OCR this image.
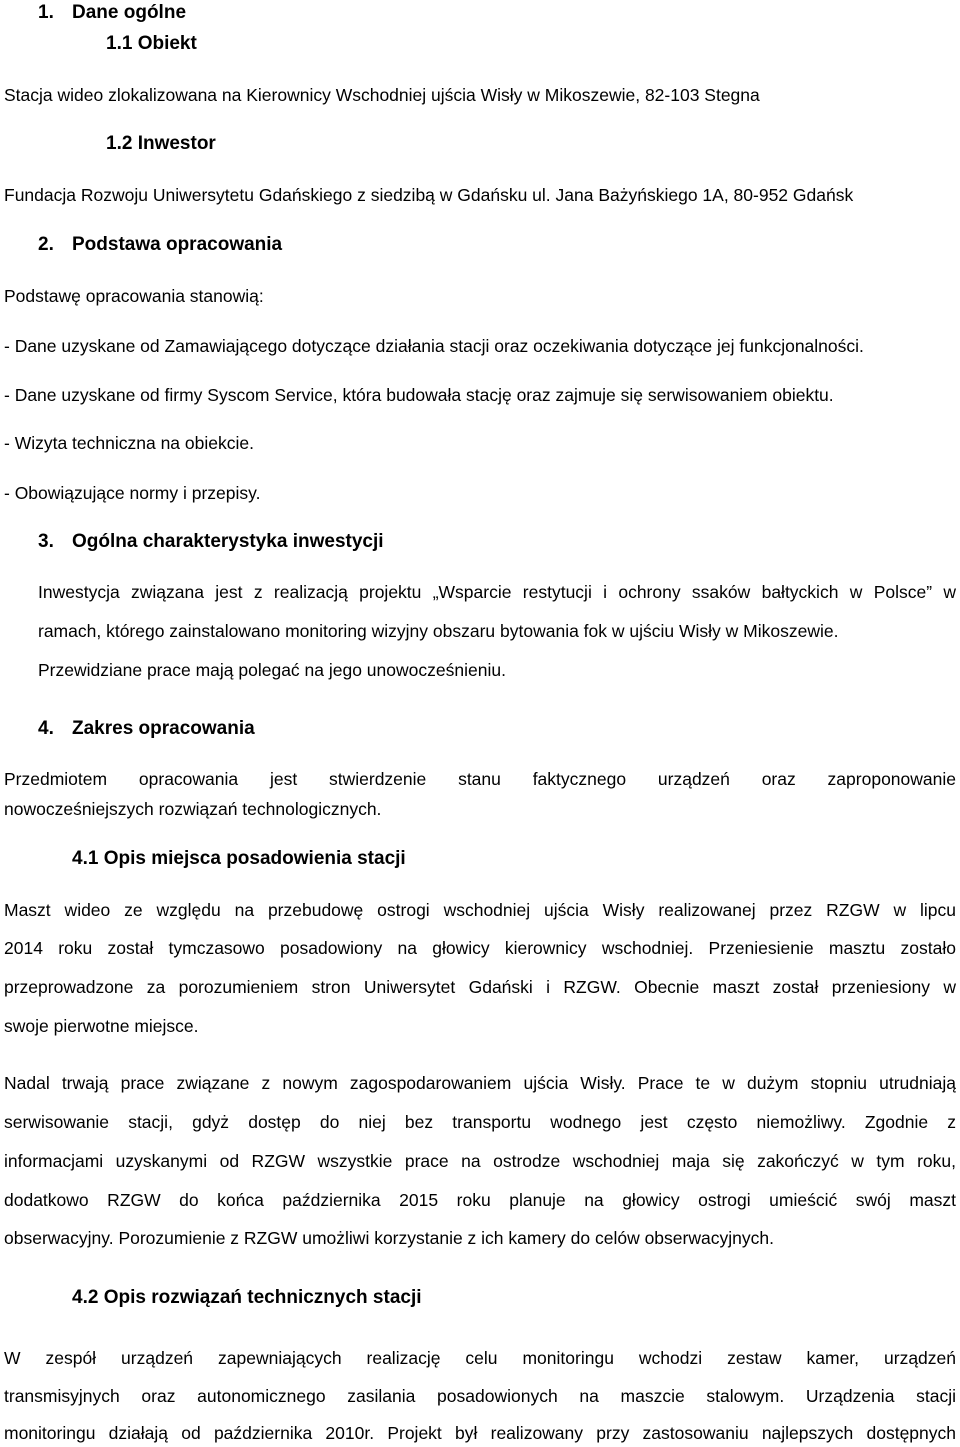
1. Dane ogólne
1.1 Obiekt
Stacja wideo zlokalizowana na Kierownicy Wschodniej ujścia Wisły w Mikoszewie, 82-103 Stegna
1.2 Inwestor
Fundacja Rozwoju Uniwersytetu Gdańskiego z siedzibą w Gdańsku ul. Jana Bażyńskiego 1A, 80-952 Gdańsk
2. Podstawa opracowania
Podstawę opracowania stanowią:
- Dane uzyskane od Zamawiającego dotyczące działania stacji oraz oczekiwania dotyczące jej funkcjonalności.
- Dane uzyskane od firmy Syscom Service, która budowała stację oraz zajmuje się serwisowaniem obiektu.
- Wizyta techniczna na obiekcie.
- Obowiązujące normy i przepisy.
3. Ogólna charakterystyka inwestycji
Inwestycja związana jest z realizacją projektu „Wsparcie restytucji i ochrony ssaków bałtyckich w Polsce” w
ramach, którego zainstalowano monitoring wizyjny obszaru bytowania fok w ujściu Wisły w Mikoszewie.
Przewidziane prace mają polegać na jego unowocześnieniu.
4. Zakres opracowania
Przedmiotem opracowania jest stwierdzenie stanu faktycznego urządzeń oraz zaproponowanie
nowocześniejszych rozwiązań technologicznych.
4.1 Opis miejsca posadowienia stacji
Maszt wideo ze względu na przebudowę ostrogi wschodniej ujścia Wisły realizowanej przez RZGW w lipcu
2014 roku został tymczasowo posadowiony na głowicy kierownicy wschodniej. Przeniesienie masztu zostało
przeprowadzone za porozumieniem stron Uniwersytet Gdański i RZGW. Obecnie maszt został przeniesiony w
swoje pierwotne miejsce.
Nadal trwają prace związane z nowym zagospodarowaniem ujścia Wisły. Prace te w dużym stopniu utrudniają
serwisowanie stacji, gdyż dostęp do niej bez transportu wodnego jest często niemożliwy. Zgodnie z
informacjami uzyskanymi od RZGW wszystkie prace na ostrodze wschodniej maja się zakończyć w tym roku,
dodatkowo RZGW do końca października 2015 roku planuje na głowicy ostrogi umieścić swój maszt
obserwacyjny. Porozumienie z RZGW umożliwi korzystanie z ich kamery do celów obserwacyjnych.
4.2 Opis rozwiązań technicznych stacji
W zespół urządzeń zapewniających realizację celu monitoringu wchodzi zestaw kamer, urządzeń
transmisyjnych oraz autonomicznego zasilania posadowionych na maszcie stalowym. Urządzenia stacji
monitoringu działają od października 2010r. Projekt był realizowany przy zastosowaniu najlepszych dostępnych
